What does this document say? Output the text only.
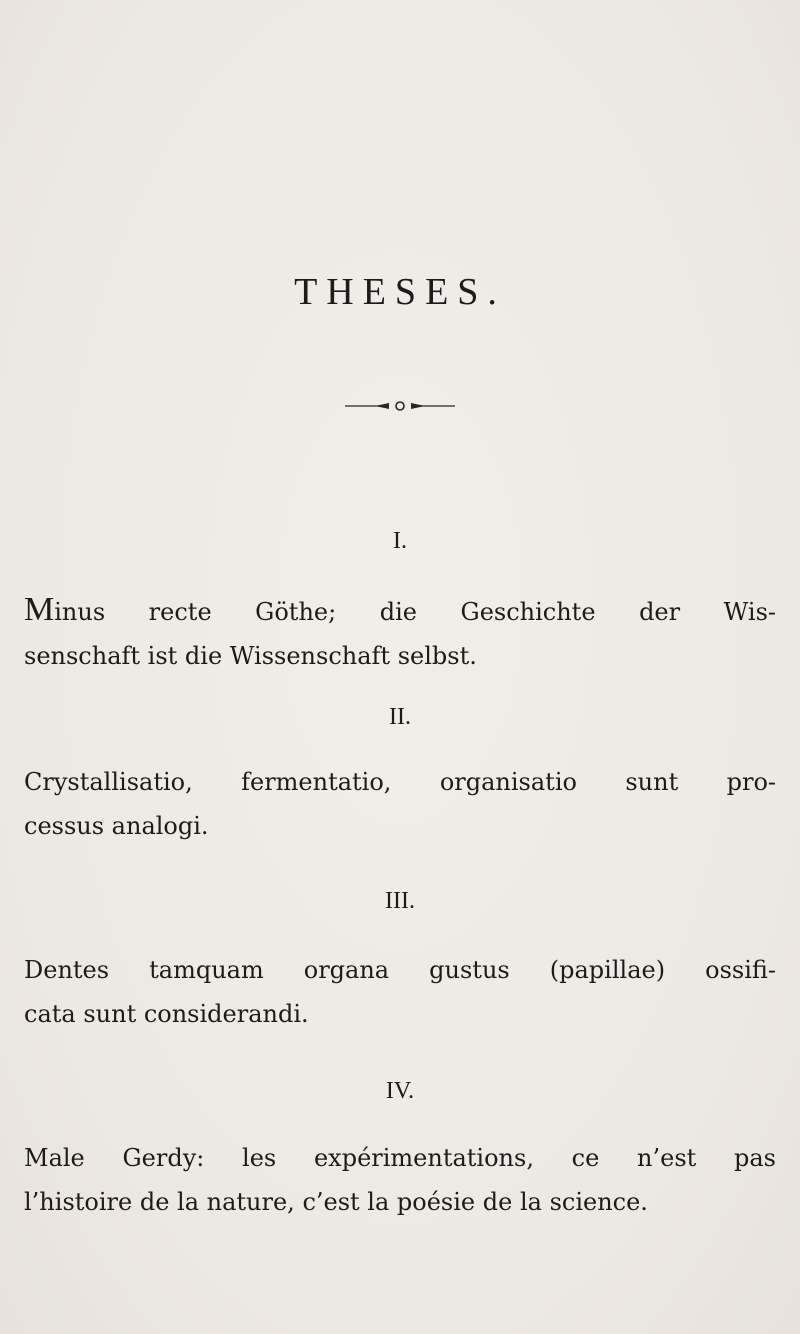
THESES.

I.

Minus recte Göthe; die Geschichte der Wis-
senschaft ist die Wissenschaft selbst.

II.

Crystallisatio, fermentatio, organisatio sunt pro-
cessus analogi.

III.

Dentes tamquam organa gustus (papillae) ossifi-
cata sunt considerandi.

IV.

Male Gerdy: les expérimentations, ce n’est pas
l’histoire de la nature, c’est la poésie de la science.
